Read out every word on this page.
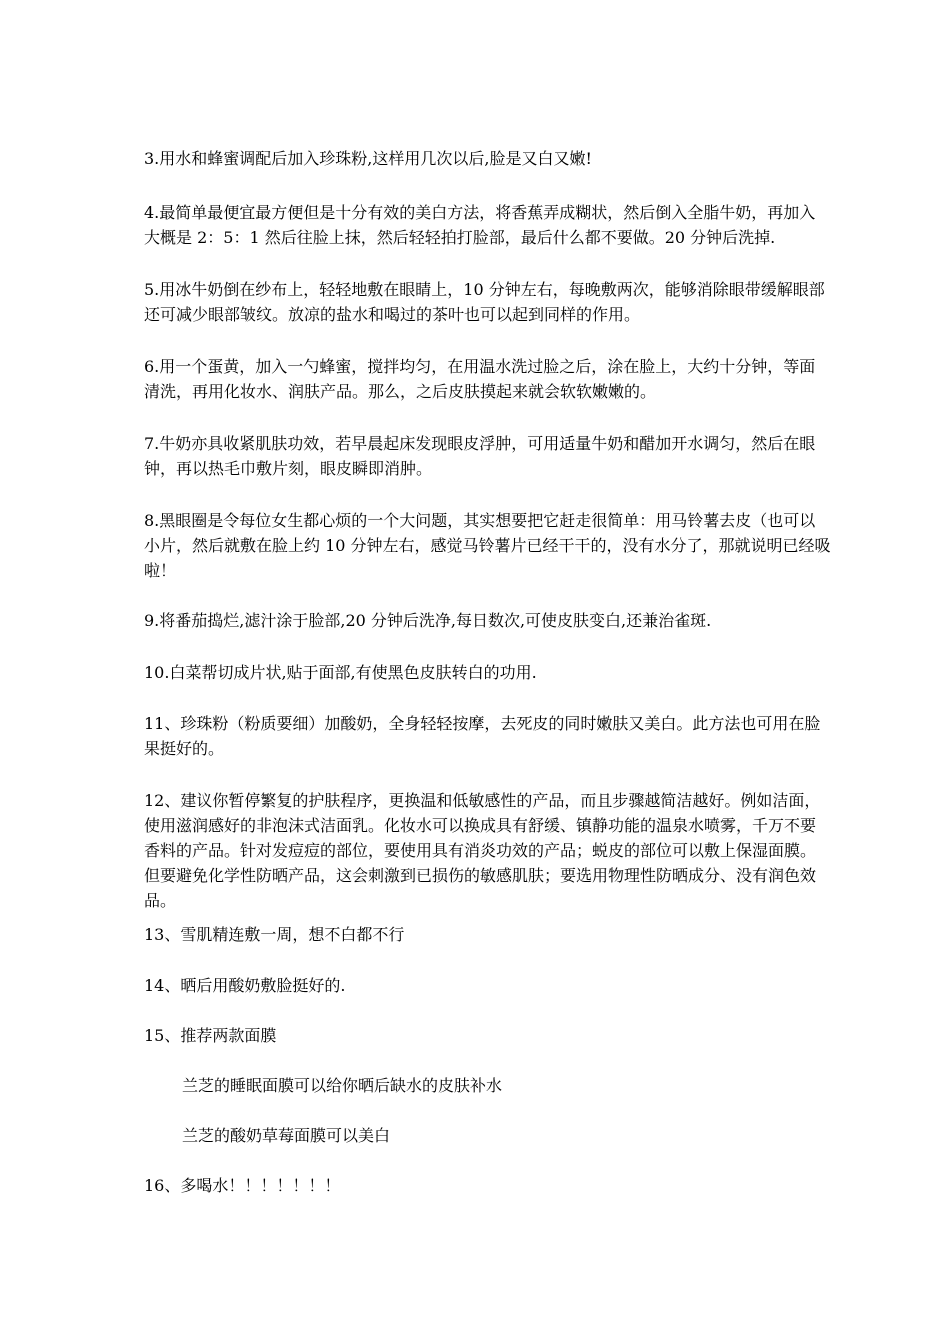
3.用水和蜂蜜调配后加入珍珠粉,这样用几次以后,脸是又白又嫩!
4.最简单最便宜最方便但是十分有效的美白方法，将香蕉弄成糊状，然后倒入全脂牛奶，再加入
大概是 2：5：1 然后往脸上抹，然后轻轻拍打脸部，最后什么都不要做。20 分钟后洗掉.
5.用冰牛奶倒在纱布上，轻轻地敷在眼睛上，10 分钟左右，每晚敷两次，能够消除眼带缓解眼部
还可减少眼部皱纹。放凉的盐水和喝过的茶叶也可以起到同样的作用。
6.用一个蛋黄，加入一勺蜂蜜，搅拌均匀，在用温水洗过脸之后，涂在脸上，大约十分钟，等面
清洗，再用化妆水、润肤产品。那么，之后皮肤摸起来就会软软嫩嫩的。
7.牛奶亦具收紧肌肤功效，若早晨起床发现眼皮浮肿，可用适量牛奶和醋加开水调匀，然后在眼
钟，再以热毛巾敷片刻，眼皮瞬即消肿。
8.黑眼圈是令每位女生都心烦的一个大问题，其实想要把它赶走很简单：用马铃薯去皮（也可以
小片，然后就敷在脸上约 10 分钟左右，感觉马铃薯片已经干干的，没有水分了，那就说明已经吸
啦！
9.将番茄捣烂,滤汁涂于脸部,20 分钟后洗净,每日数次,可使皮肤变白,还兼治雀斑.
10.白菜帮切成片状,贴于面部,有使黑色皮肤转白的功用.
11、珍珠粉（粉质要细）加酸奶，全身轻轻按摩，去死皮的同时嫩肤又美白。此方法也可用在脸
果挺好的。
12、建议你暂停繁复的护肤程序，更换温和低敏感性的产品，而且步骤越简洁越好。例如洁面，
使用滋润感好的非泡沫式洁面乳。化妆水可以换成具有舒缓、镇静功能的温泉水喷雾，千万不要
香料的产品。针对发痘痘的部位，要使用具有消炎功效的产品；蜕皮的部位可以敷上保湿面膜。
但要避免化学性防晒产品，这会刺激到已损伤的敏感肌肤；要选用物理性防晒成分、没有润色效
品。
13、雪肌精连敷一周，想不白都不行
14、晒后用酸奶敷脸挺好的.
15、推荐两款面膜
兰芝的睡眠面膜可以给你晒后缺水的皮肤补水
兰芝的酸奶草莓面膜可以美白
16、多喝水！！！！！！！
